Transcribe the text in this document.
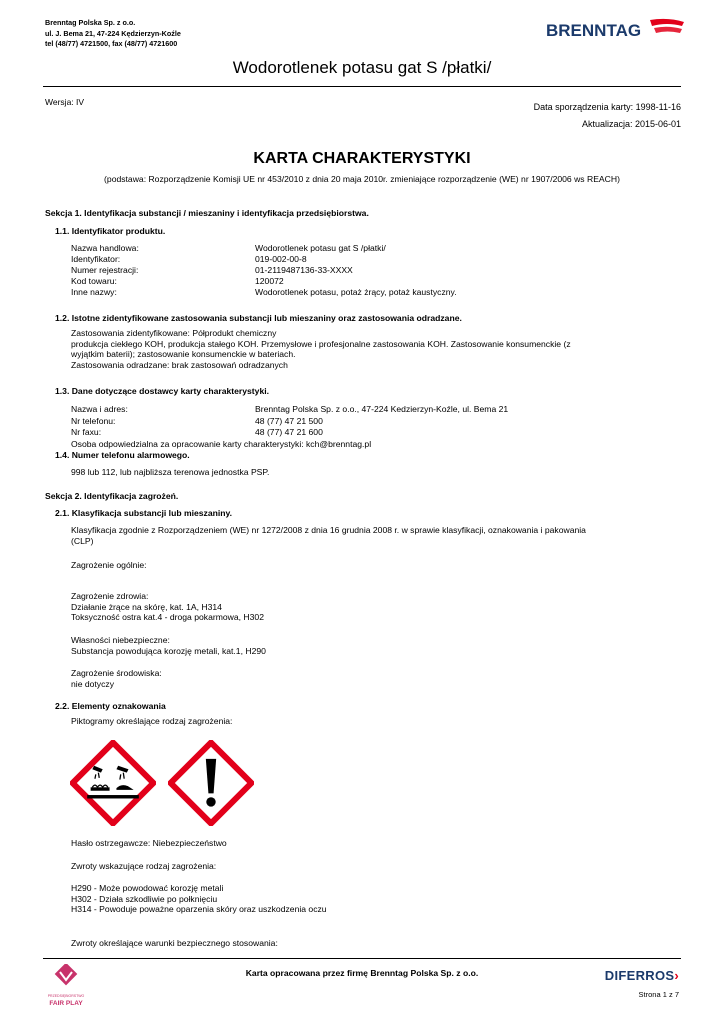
Brenntag Polska Sp. z o.o.
ul. J. Bema 21, 47-224 Kędzierzyn-Koźle
tel (48/77) 4721500, fax (48/77) 4721600
BRENNTAG
Wodorotlenek potasu gat S /płatki/
Wersja: IV	Data sporządzenia karty: 1998-11-16
Aktualizacja: 2015-06-01
KARTA CHARAKTERYSTYKI
(podstawa: Rozporządzenie Komisji UE nr 453/2010 z dnia 20 maja 2010r. zmieniające rozporządzenie (WE) nr 1907/2006 ws REACH)
Sekcja 1. Identyfikacja substancji / mieszaniny i identyfikacja przedsiębiorstwa.
1.1. Identyfikator produktu.
Nazwa handlowa:	Wodorotlenek potasu gat S /płatki/
Identyfikator:	019-002-00-8
Numer rejestracji:	01-2119487136-33-XXXX
Kod towaru:	120072
Inne nazwy:	Wodorotlenek potasu, potaż żrący, potaż kaustyczny.
1.2. Istotne zidentyfikowane zastosowania substancji lub mieszaniny oraz zastosowania odradzane.
Zastosowania zidentyfikowane: Półprodukt chemiczny
produkcja ciekłego KOH, produkcja stałego KOH. Przemysłowe i profesjonalne zastosowania KOH. Zastosowanie konsumenckie (z
wyjątkim baterii); zastosowanie konsumenckie w bateriach.
Zastosowania odradzane: brak zastosowań odradzanych
1.3. Dane dotyczące dostawcy karty charakterystyki.
Nazwa i adres:	Brenntag Polska Sp. z o.o., 47-224 Kedzierzyn-Koźle, ul. Bema 21
Nr telefonu:	48 (77) 47 21 500
Nr faxu:	48 (77) 47 21 600
Osoba odpowiedzialna za opracowanie karty charakterystyki: kch@brenntag.pl
1.4. Numer telefonu alarmowego.
998 lub 112, lub najbliższa terenowa jednostka PSP.
Sekcja 2. Identyfikacja zagrożeń.
2.1. Klasyfikacja substancji lub mieszaniny.
Klasyfikacja zgodnie z Rozporządzeniem (WE) nr 1272/2008 z dnia 16 grudnia 2008 r. w sprawie klasyfikacji, oznakowania i pakowania
(CLP)
Zagrożenie ogólnie:
Zagrożenie zdrowia:
Działanie żrące na skórę, kat. 1A, H314
Toksyczność ostra kat.4 - droga pokarmowa, H302
Własności niebezpieczne:
Substancja powodująca korozję metali, kat.1, H290
Zagrożenie środowiska:
nie dotyczy
2.2. Elementy oznakowania
Piktogramy określające rodzaj zagrożenia:
Hasło ostrzegawcze: Niebezpieczeństwo
Zwroty wskazujące rodzaj zagrożenia:
H290 - Może powodować korozję metali
H302 - Działa szkodliwie po połknięciu
H314 - Powoduje poważne oparzenia skóry oraz uszkodzenia oczu
Zwroty określające warunki bezpiecznego stosowania:
PRZEDSIĘBIORSTWO
FAIR PLAY
Karta opracowana przez firmę Brenntag Polska Sp. z o.o.	DIFERROS›
Strona 1 z 7
